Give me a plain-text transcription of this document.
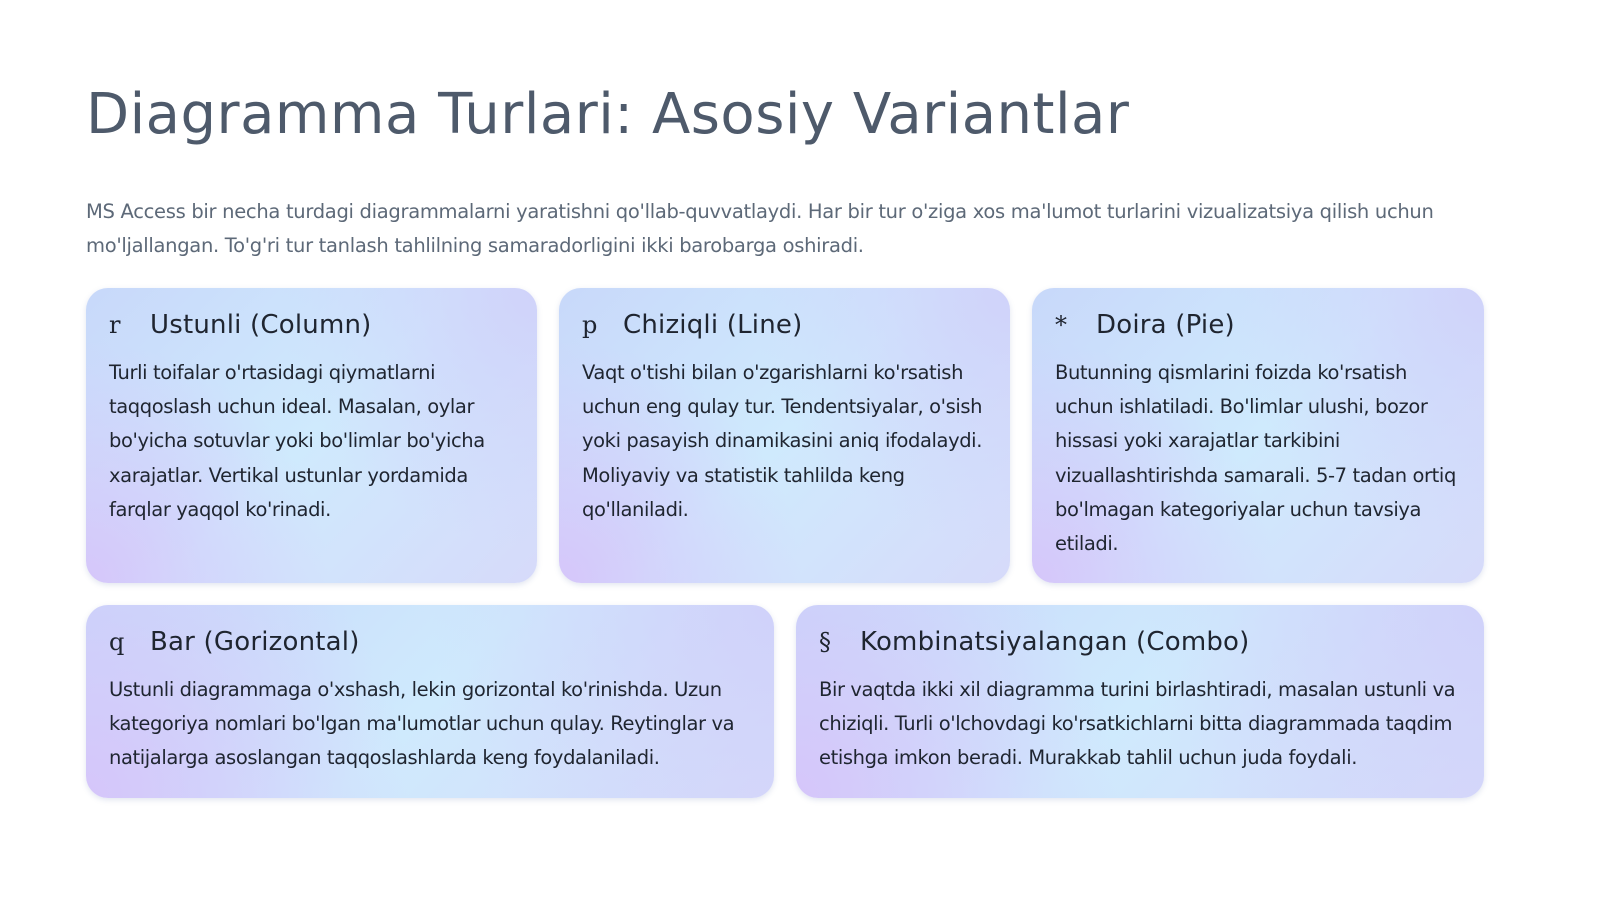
Diagramma Turlari: Asosiy Variantlar

MS Access bir necha turdagi diagrammalarni yaratishni qo'llab-quvvatlaydi. Har bir tur o'ziga xos ma'lumot turlarini vizualizatsiya qilish uchun mo'ljallangan. To'g'ri tur tanlash tahlilning samaradorligini ikki barobarga oshiradi.

r	Ustunli (Column)

Turli toifalar o'rtasidagi qiymatlarni taqqoslash uchun ideal. Masalan, oylar bo'yicha sotuvlar yoki bo'limlar bo'yicha xarajatlar. Vertikal ustunlar yordamida farqlar yaqqol ko'rinadi.

p Chiziqli (Line)

Vaqt o'tishi bilan o'zgarishlarni ko'rsatish uchun eng qulay tur. Tendentsiyalar, o'sish yoki pasayish dinamikasini aniq ifodalaydi. Moliyaviy va statistik tahlilda keng qo'llaniladi.

*	Doira (Pie)

Butunning qismlarini foizda ko'rsatish uchun ishlatiladi. Bo'limlar ulushi, bozor hissasi yoki xarajatlar tarkibini vizuallashtirishda samarali. 5-7 tadan ortiq bo'lmagan kategoriyalar uchun tavsiya etiladi.

q Bar (Gorizontal)

Ustunli diagrammaga o'xshash, lekin gorizontal ko'rinishda. Uzun kategoriya nomlari bo'lgan ma'lumotlar uchun qulay. Reytinglar va natijalarga asoslangan taqqoslashlarda keng foydalaniladi.

§	Kombinatsiyalangan (Combo)

Bir vaqtda ikki xil diagramma turini birlashtiradi, masalan ustunli va chiziqli. Turli o'lchovdagi ko'rsatkichlarni bitta diagrammada taqdim etishga imkon beradi. Murakkab tahlil uchun juda foydali.
